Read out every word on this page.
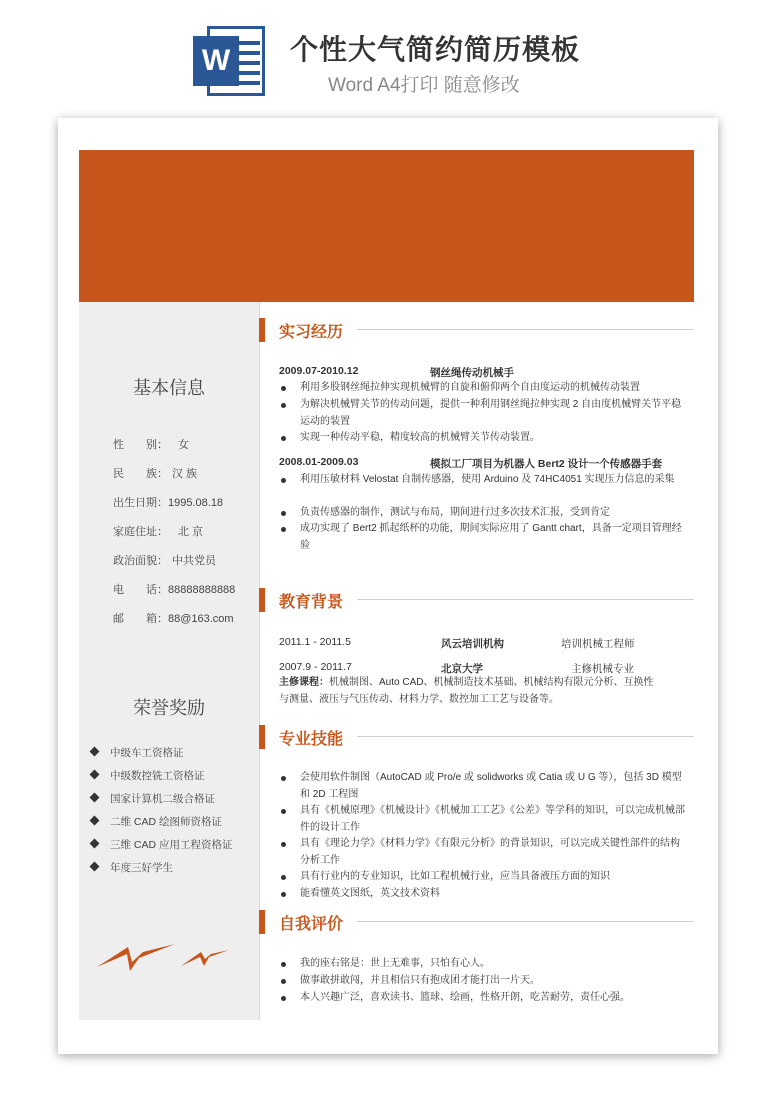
W	个性大气简约简历模板
Word A4打印 随意修改
基本信息
性　　别： 女
民　　族： 汉 族
出生日期：1995.08.18
家庭住址： 北 京
政治面貌： 中共党员
电　　话：88888888888
邮　　箱：88@163.com
荣誉奖励
中级车工资格证
中级数控铣工资格证
国家计算机二级合格证
二维 CAD 绘图师资格证
三维 CAD 应用工程资格证
年度三好学生
实习经历
2009.07-2010.12	钢丝绳传动机械手
利用多股钢丝绳拉伸实现机械臂的自旋和俯仰两个自由度运动的机械传动装置
为解决机械臂关节的传动问题，提供一种利用钢丝绳拉伸实现 2 自由度机械臂关节平稳运动的装置
实现一种传动平稳，精度较高的机械臂关节传动装置。
2008.01-2009.03	模拟工厂项目为机器人 Bert2 设计一个传感器手套
利用压敏材料 Velostat 自制传感器，使用 Arduino 及 74HC4051 实现压力信息的采集
负责传感器的制作，测试与布局，期间进行过多次技术汇报，受到肯定
成功实现了 Bert2 抓起纸杯的功能，期间实际应用了 Gantt chart，具备一定项目管理经验
教育背景
2011.1 - 2011.5	风云培训机构	培训机械工程师
2007.9 - 2011.7	北京大学	主修机械专业
主修课程：机械制图、Auto CAD、机械制造技术基础、机械结构有限元分析、互换性与测量、液压与气压传动、材料力学、数控加工工艺与设备等。
专业技能
会使用软件制图（AutoCAD 或 Pro/e 或 solidworks 或 Catia 或 U G 等），包括 3D 模型和 2D 工程图
具有《机械原理》《机械设计》《机械加工工艺》《公差》等学科的知识，可以完成机械部件的设计工作
具有《理论力学》《材料力学》《有限元分析》的背景知识，可以完成关键性部件的结构分析工作
具有行业内的专业知识，比如工程机械行业，应当具备液压方面的知识
能看懂英文图纸，英文技术资料
自我评价
我的座右铭是：世上无难事，只怕有心人。
做事敢拼敢闯，并且相信只有抱成团才能打出一片天。
本人兴趣广泛，喜欢读书、篮球、绘画，性格开朗，吃苦耐劳，责任心强。
